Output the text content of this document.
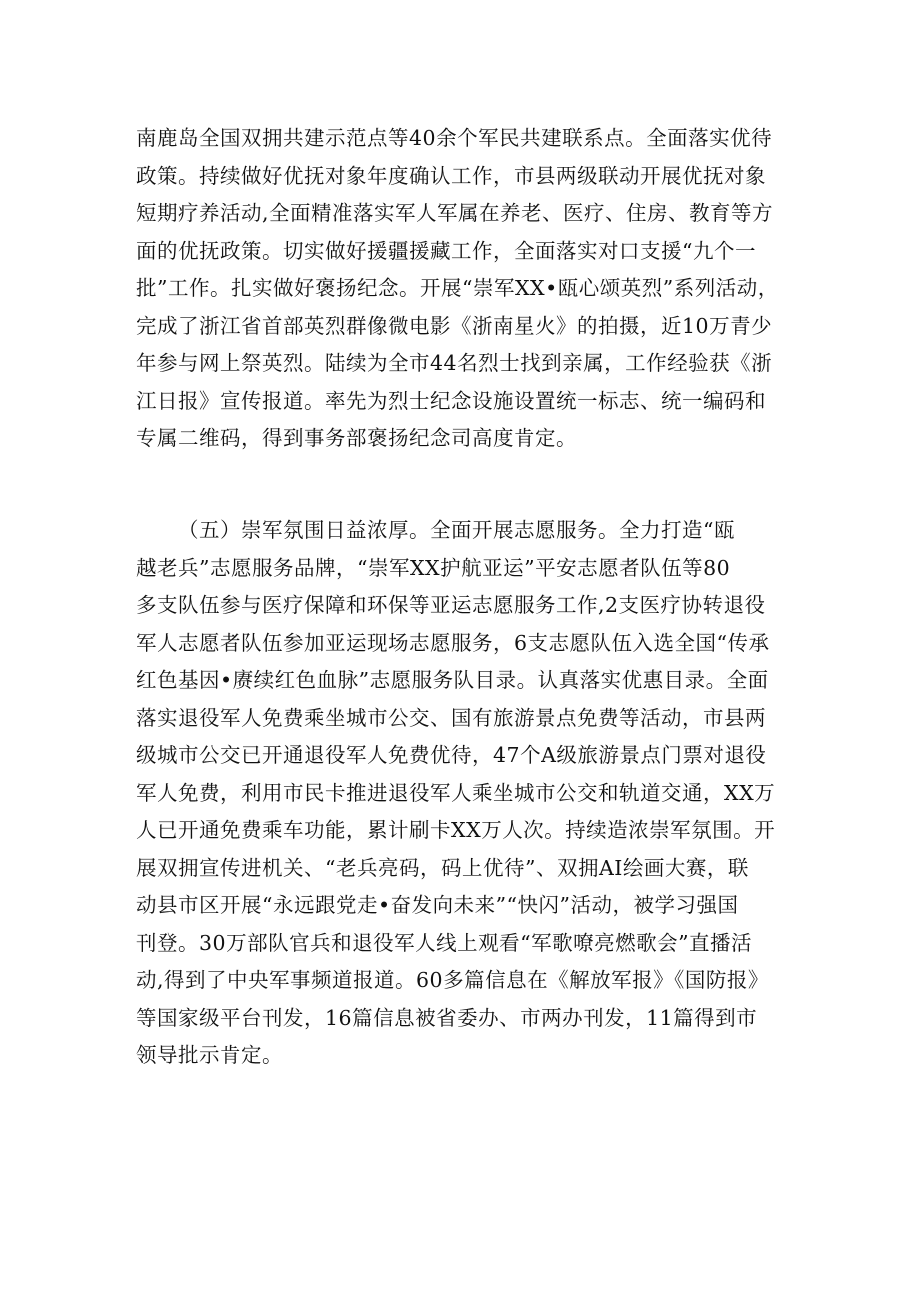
南鹿岛全国双拥共建示范点等40余个军民共建联系点。全面落实优待
政策。持续做好优抚对象年度确认工作，市县两级联动开展优抚对象
短期疗养活动,全面精准落实军人军属在养老、医疗、住房、教育等方
面的优抚政策。切实做好援疆援藏工作，全面落实对口支援“九个一
批”工作。扎实做好褒扬纪念。开展“崇军XX•瓯心颂英烈”系列活动，
完成了浙江省首部英烈群像微电影《浙南星火》的拍摄，近10万青少
年参与网上祭英烈。陆续为全市44名烈士找到亲属，工作经验获《浙
江日报》宣传报道。率先为烈士纪念设施设置统一标志、统一编码和
专属二维码，得到事务部褒扬纪念司高度肯定。
（五）崇军氛围日益浓厚。全面开展志愿服务。全力打造“瓯
越老兵”志愿服务品牌，“崇军XX护航亚运”平安志愿者队伍等80
多支队伍参与医疗保障和环保等亚运志愿服务工作,2支医疗协转退役
军人志愿者队伍参加亚运现场志愿服务，6支志愿队伍入选全国“传承
红色基因•赓续红色血脉”志愿服务队目录。认真落实优惠目录。全面
落实退役军人免费乘坐城市公交、国有旅游景点免费等活动，市县两
级城市公交已开通退役军人免费优待，47个A级旅游景点门票对退役
军人免费，利用市民卡推进退役军人乘坐城市公交和轨道交通，XX万
人已开通免费乘车功能，累计刷卡XX万人次。持续造浓崇军氛围。开
展双拥宣传进机关、“老兵亮码，码上优待”、双拥AI绘画大赛，联
动县市区开展“永远跟党走•奋发向未来”“快闪”活动，被学习强国
刊登。30万部队官兵和退役军人线上观看“军歌嘹亮燃歌会”直播活
动,得到了中央军事频道报道。60多篇信息在《解放军报》《国防报》
等国家级平台刊发，16篇信息被省委办、市两办刊发，11篇得到市
领导批示肯定。
